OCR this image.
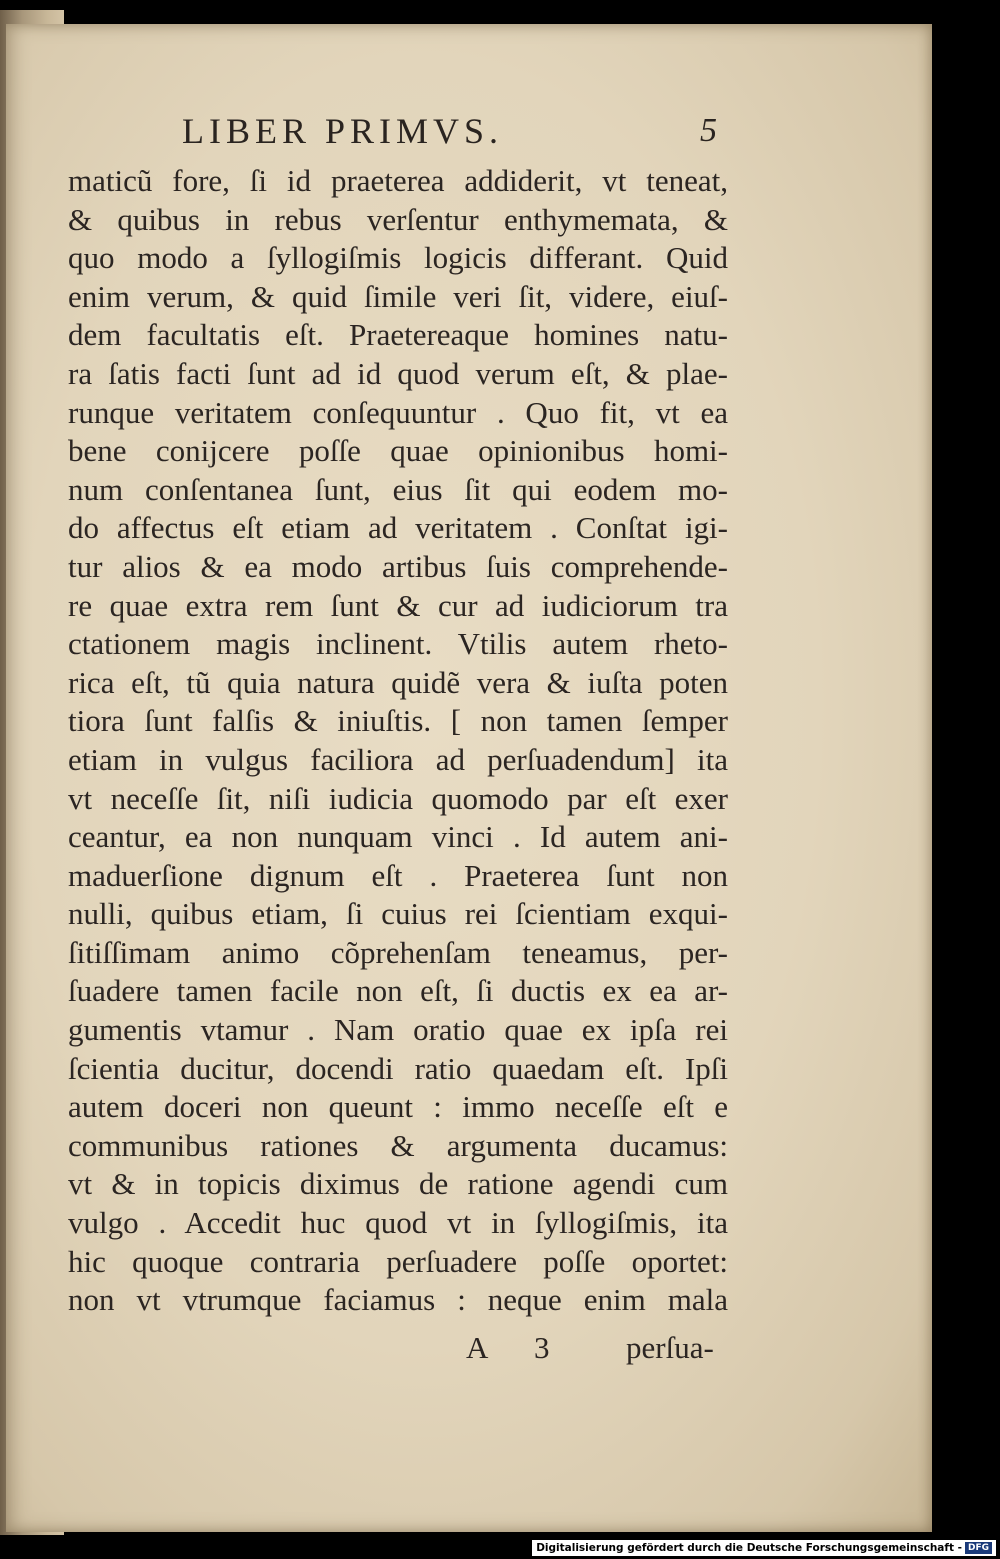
LIBER PRIMVS.	5
maticũ fore, ſi id praeterea addiderit, vt teneat,
& quibus in rebus verſentur enthymemata, &
quo modo a ſyllogiſmis logicis differant. Quid
enim verum, & quid ſimile veri ſit, videre, eiuſ-
dem facultatis eſt. Praetereaque homines natu-
ra ſatis facti ſunt ad id quod verum eſt, & plae-
runque veritatem conſequuntur . Quo fit, vt ea
bene conijcere poſſe quae opinionibus homi-
num conſentanea ſunt, eius ſit qui eodem mo-
do affectus eſt etiam ad veritatem . Conſtat igi-
tur alios & ea modo artibus ſuis comprehende-
re quae extra rem ſunt & cur ad iudiciorum tra
ctationem magis inclinent. Vtilis autem rheto-
rica eſt, tũ quia natura quidẽ vera & iuſta poten
tiora ſunt falſis & iniuſtis. [ non tamen ſemper
etiam in vulgus faciliora ad perſuadendum] ita
vt neceſſe ſit, niſi iudicia quomodo par eſt exer
ceantur, ea non nunquam vinci . Id autem ani-
maduerſione dignum eſt . Praeterea ſunt non
nulli, quibus etiam, ſi cuius rei ſcientiam exqui-
ſitiſſimam animo cõprehenſam teneamus, per-
ſuadere tamen facile non eſt, ſi ductis ex ea ar-
gumentis vtamur . Nam oratio quae ex ipſa rei
ſcientia ducitur, docendi ratio quaedam eſt. Ipſi
autem doceri non queunt : immo neceſſe eſt e
communibus rationes & argumenta ducamus:
vt & in topicis diximus de ratione agendi cum
vulgo . Accedit huc quod vt in ſyllogiſmis, ita
hic quoque contraria perſuadere poſſe oportet:
non vt vtrumque faciamus : neque enim mala
A 3 perſua-
Digitalisierung gefördert durch die Deutsche Forschungsgemeinschaft - DFG
